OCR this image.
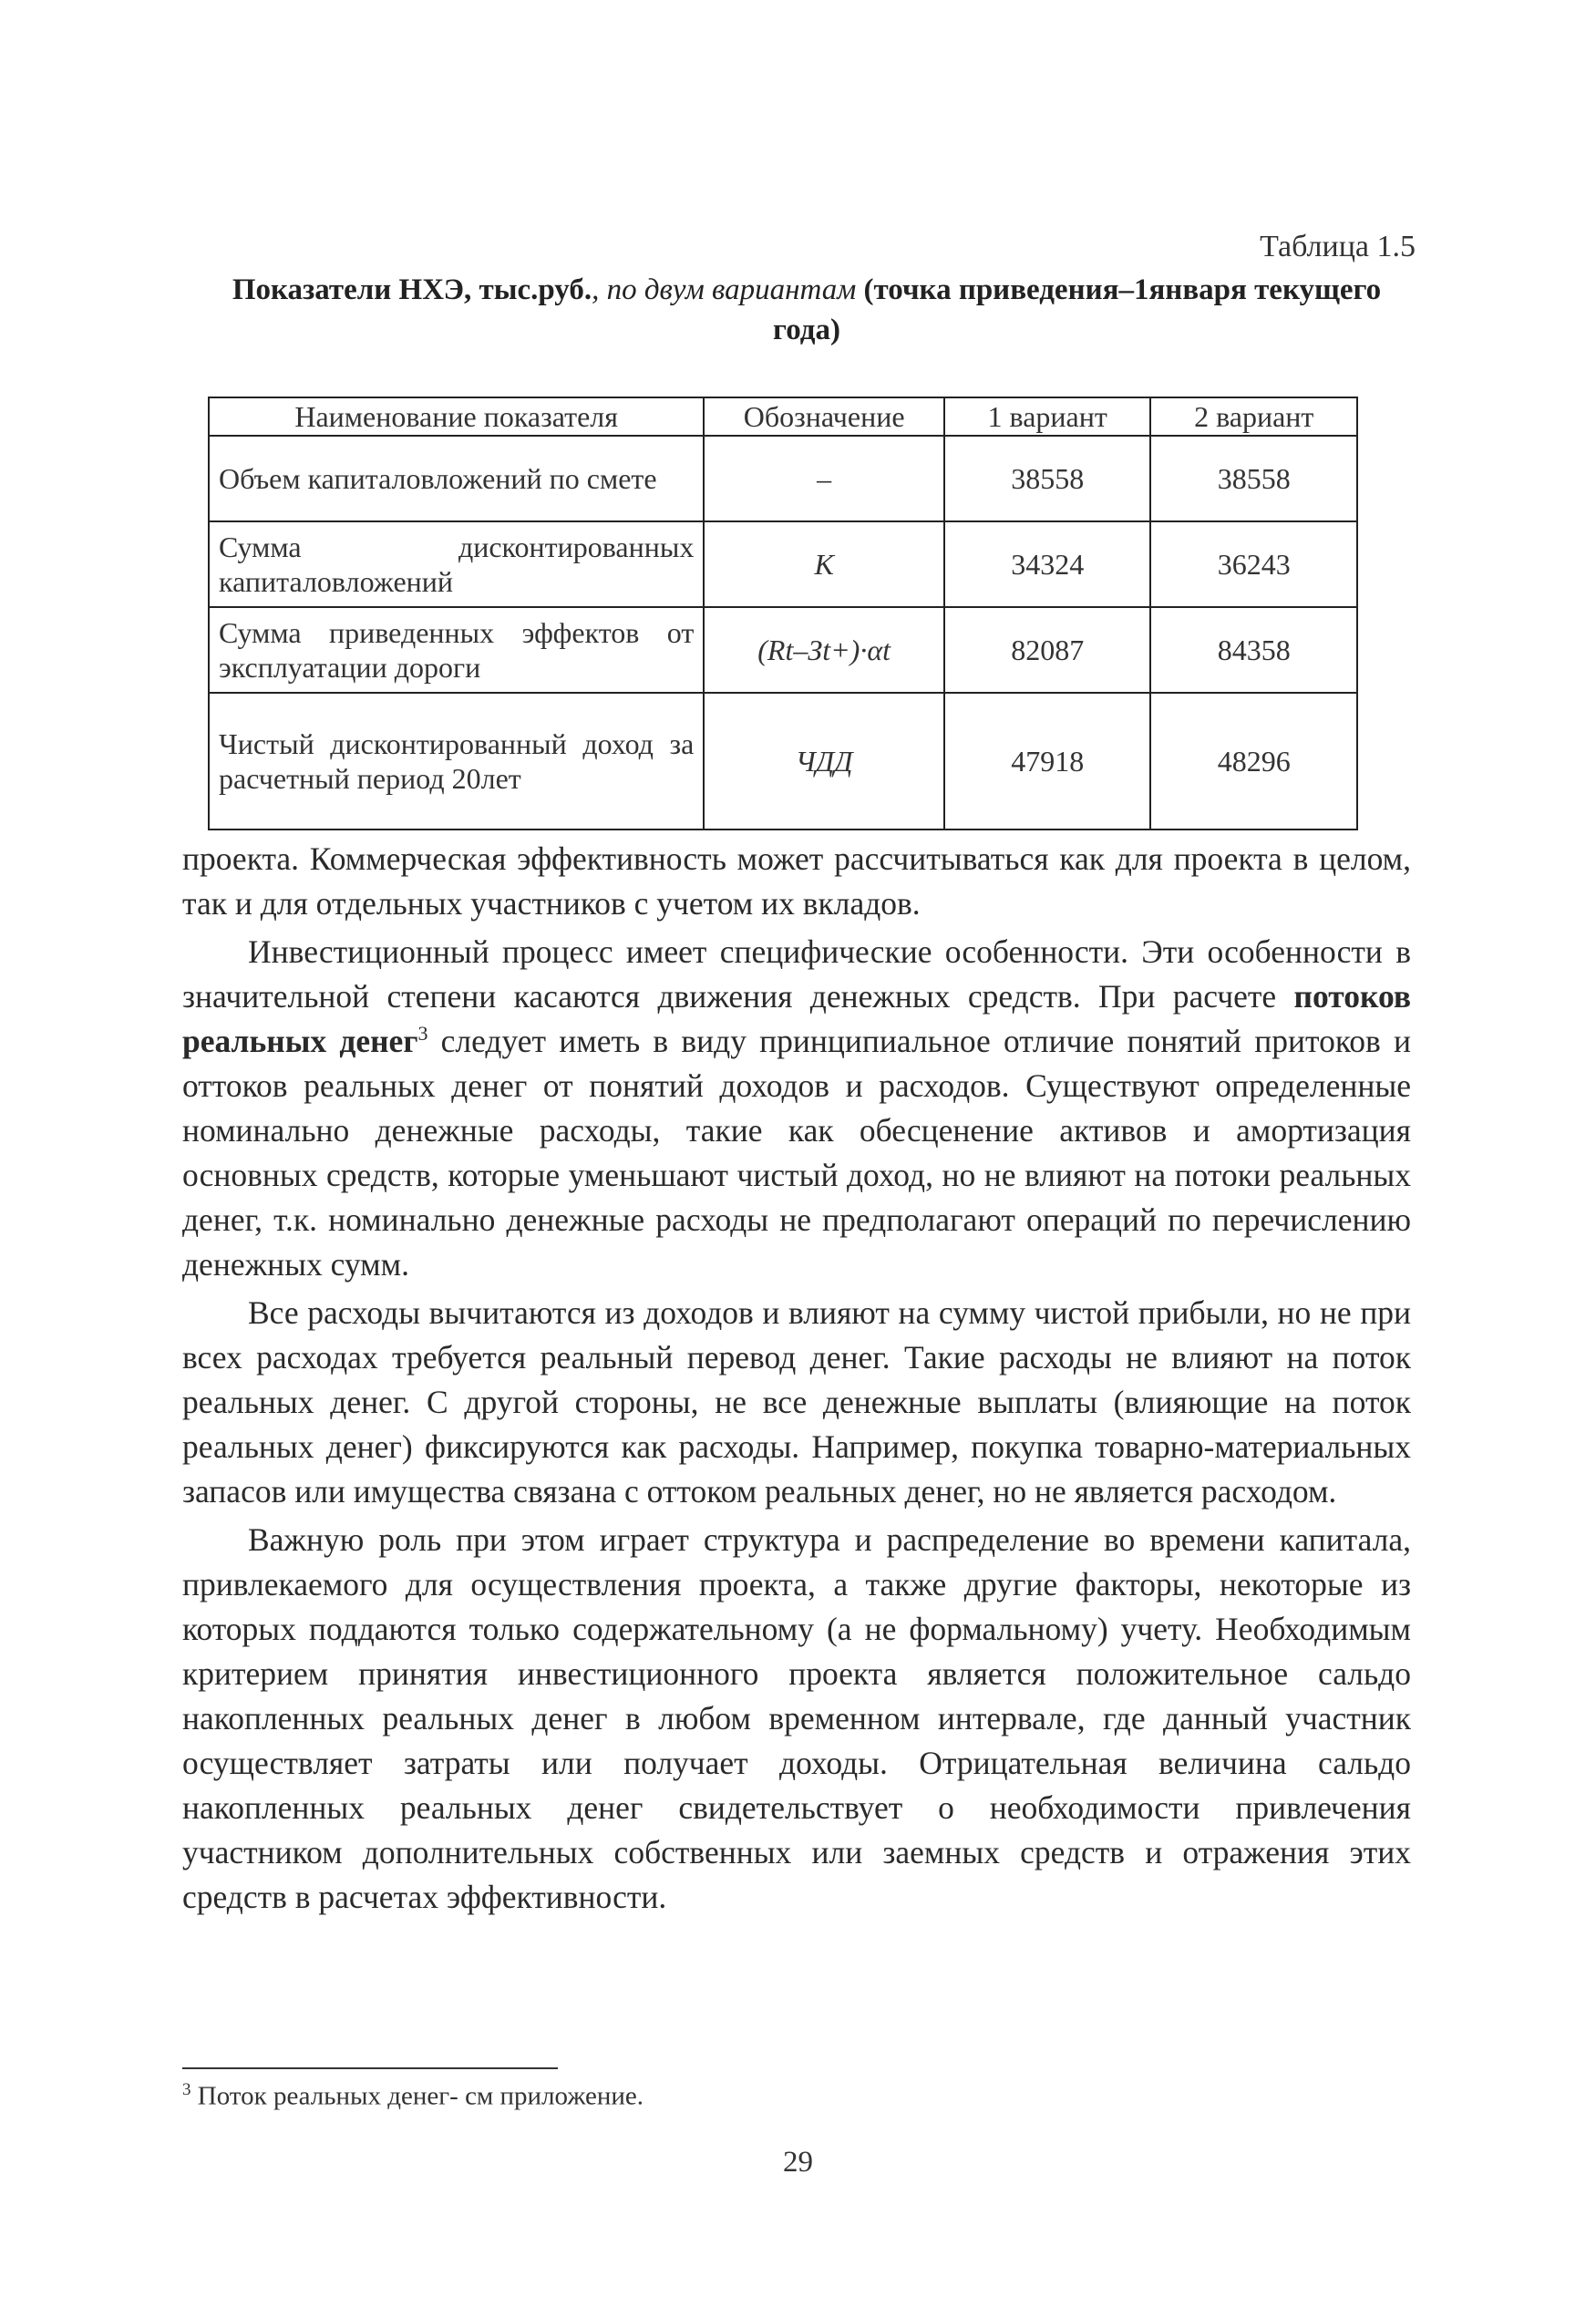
Таблица 1.5
Показатели НХЭ, тыс.руб., по двум вариантам (точка приведения–1января текущего года)
Наименование показателя	Обозначение	1 вариант	2 вариант
Объем капиталовложений по смете	–	38558	38558
Сумма дисконтированных капиталовложений	K	34324	36243
Сумма приведенных эффектов от эксплуатации дороги	(Rt–Зt+)·αt	82087	84358
Чистый дисконтированный доход за расчетный период 20лет	ЧДД	47918	48296

проекта. Коммерческая эффективность может рассчитываться как для проекта в целом, так и для отдельных участников с учетом их вкладов.

Инвестиционный процесс имеет специфические особенности. Эти особенности в значительной степени касаются движения денежных средств. При расчете потоков реальных денег$^3$ следует иметь в виду принципиальное отличие понятий притоков и оттоков реальных денег от понятий доходов и расходов. Существуют определенные номинально денежные расходы, такие как обесценение активов и амортизация основных средств, которые уменьшают чистый доход, но не влияют на потоки реальных денег, т.к. номинально денежные расходы не предполагают операций по перечислению денежных сумм.

Все расходы вычитаются из доходов и влияют на сумму чистой прибыли, но не при всех расходах требуется реальный перевод денег. Такие расходы не влияют на поток реальных денег. С другой стороны, не все денежные выплаты (влияющие на поток реальных денег) фиксируются как расходы. Например, покупка товарно-материальных запасов или имущества связана с оттоком реальных денег, но не является расходом.

Важную роль при этом играет структура и распределение во времени капитала, привлекаемого для осуществления проекта, а также другие факторы, некоторые из которых поддаются только содержательному (а не формальному) учету. Необходимым критерием принятия инвестиционного проекта является положительное сальдо накопленных реальных денег в любом временном интервале, где данный участник осуществляет затраты или получает доходы. Отрицательная величина сальдо накопленных реальных денег свидетельствует о необходимости привлечения участником дополнительных собственных или заемных средств и отражения этих средств в расчетах эффективности.

$^3$ Поток реальных денег- см приложение.
29
